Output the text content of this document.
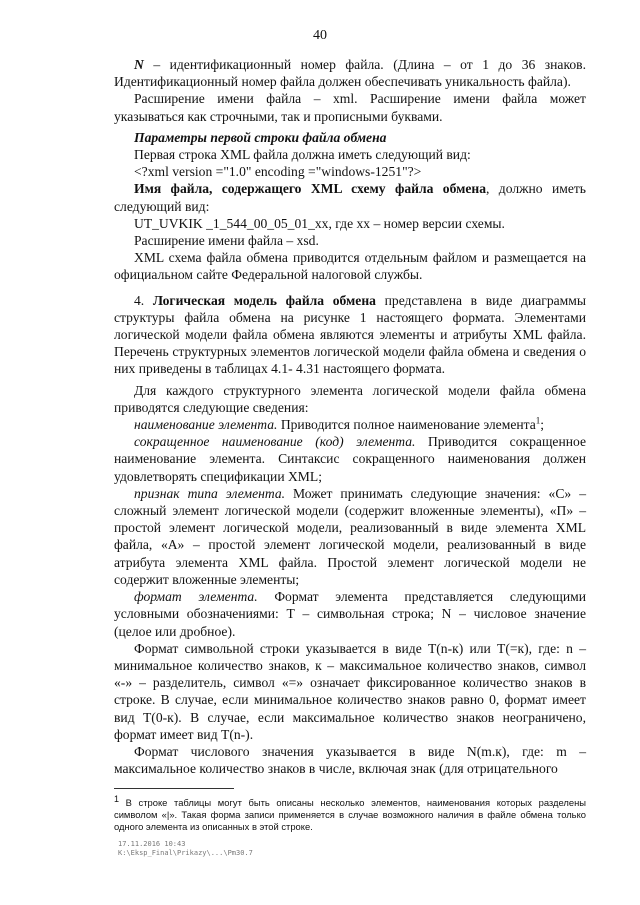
40

N – идентификационный номер файла. (Длина – от 1 до 36 знаков. Идентификационный номер файла должен обеспечивать уникальность файла).

Расширение имени файла – xml. Расширение имени файла может указываться как строчными, так и прописными буквами.

Параметры первой строки файла обмена

Первая строка XML файла должна иметь следующий вид:

<?xml version ="1.0" encoding ="windows-1251"?>

Имя файла, содержащего XML схему файла обмена, должно иметь следующий вид:

UT_UVKIK _1_544_00_05_01_xx, где xx – номер версии схемы.

Расширение имени файла – xsd.

XML схема файла обмена приводится отдельным файлом и размещается на официальном сайте Федеральной налоговой службы.

4. Логическая модель файла обмена представлена в виде диаграммы структуры файла обмена на рисунке 1 настоящего формата. Элементами логической модели файла обмена являются элементы и атрибуты XML файла. Перечень структурных элементов логической модели файла обмена и сведения о них приведены в таблицах 4.1- 4.31 настоящего формата.

Для каждого структурного элемента логической модели файла обмена приводятся следующие сведения:

наименование элемента. Приводится полное наименование элемента$^1$;

сокращенное наименование (код) элемента. Приводится сокращенное наименование элемента. Синтаксис сокращенного наименования должен удовлетворять спецификации XML;

признак типа элемента. Может принимать следующие значения: «С» – сложный элемент логической модели (содержит вложенные элементы), «П» – простой элемент логической модели, реализованный в виде элемента XML файла, «А» – простой элемент логической модели, реализованный в виде атрибута элемента XML файла. Простой элемент логической модели не содержит вложенные элементы;

формат элемента. Формат элемента представляется следующими условными обозначениями: Т – символьная строка; N – числовое значение (целое или дробное).

Формат символьной строки указывается в виде Т(n-к) или Т(=к), где: n – минимальное количество знаков, к – максимальное количество знаков, символ «-» – разделитель, символ «=» означает фиксированное количество знаков в строке. В случае, если минимальное количество знаков равно 0, формат имеет вид Т(0-к). В случае, если максимальное количество знаков неограничено, формат имеет вид Т(n-).

Формат числового значения указывается в виде N(m.к), где: m – максимальное количество знаков в числе, включая знак (для отрицательного

$^1$ В строке таблицы могут быть описаны несколько элементов, наименования которых разделены символом «|». Такая форма записи применяется в случае возможного наличия в файле обмена только одного элемента из описанных в этой строке.
17.11.2016 10:43
K:\Eksp_Final\Prikazy\...\Pm30.7
